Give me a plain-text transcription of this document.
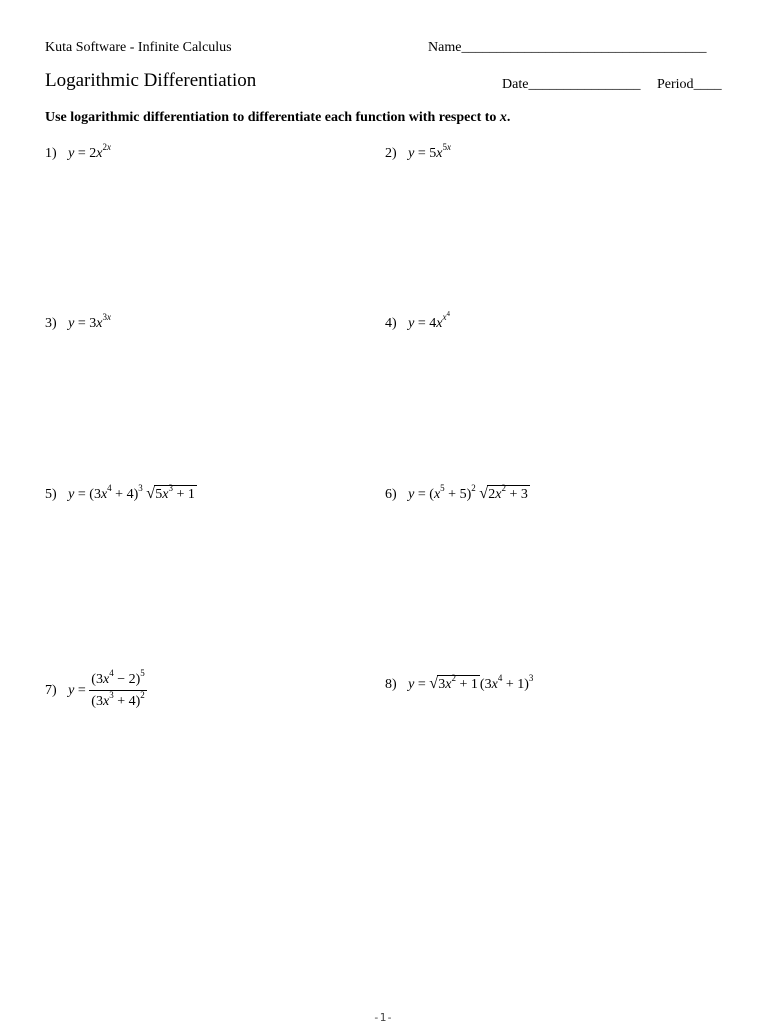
Kuta Software - Infinite Calculus	Name___________________________________
Logarithmic Differentiation	Date________________ Period____
Use logarithmic differentiation to differentiate each function with respect to x.
1) $y = 2x^{2x}$	2) $y = 5x^{5x}$
3) $y = 3x^{3x}$	4) $y = 4x^{x^4}$
5) $y = (3x^4 + 4)^3$ √ $5x^3 + 1$	6) $y = (x^5 + 5)^2$ √ $2x^2 + 3$
7) $y = \frac{(3x^4 - 2)^5}{(3x^3 + 4)^2}$	8) y = √ $3x^2 + 1$ $(3x^4 + 1)^3$
-1-
